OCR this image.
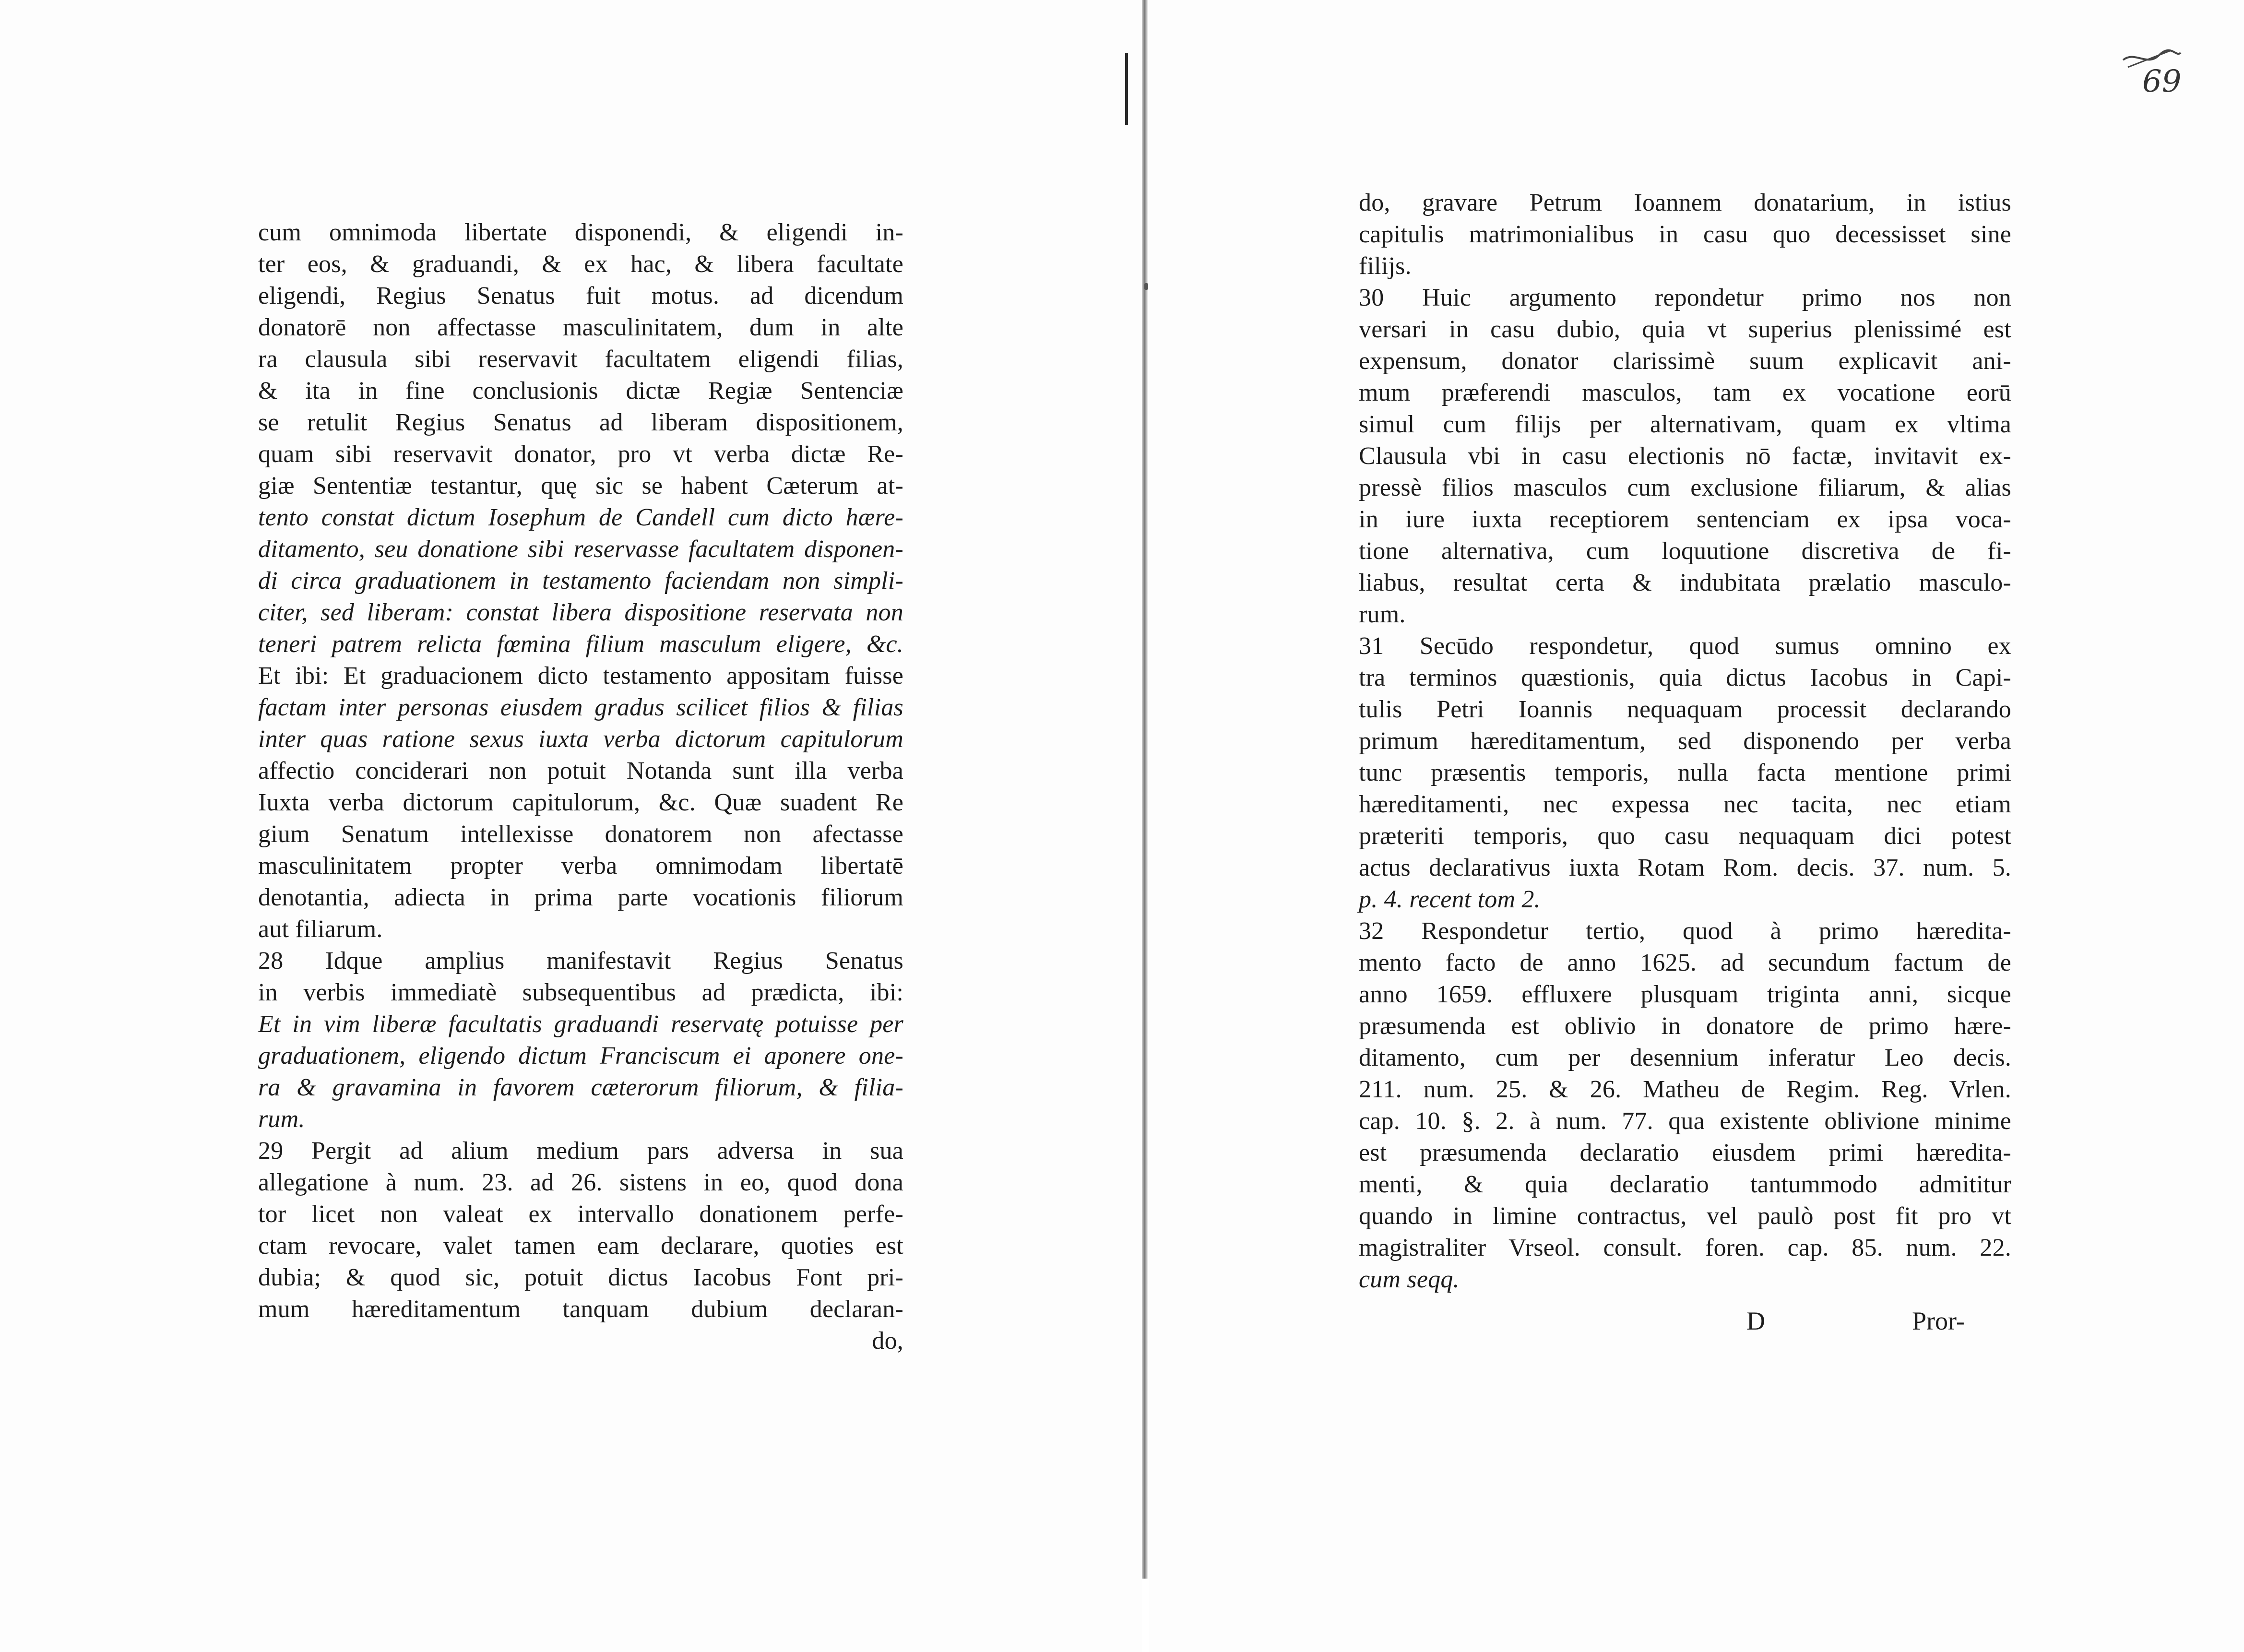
cum omnimoda libertate disponendi, & eligendi in-
ter eos, & graduandi, & ex hac, & libera facultate
eligendi, Regius Senatus fuit motus. ad dicendum
donatorē non affectasse masculinitatem, dum in alte
ra clausula sibi reservavit facultatem eligendi filias,
& ita in fine conclusionis dictæ Regiæ Sentenciæ
se retulit Regius Senatus ad liberam dispositionem,
quam sibi reservavit donator, pro vt verba dictæ Re-
giæ Sententiæ testantur, quę sic se habent Cæterum at-
tento constat dictum Iosephum de Candell cum dicto hære-
ditamento, seu donatione sibi reservasse facultatem disponen-
di circa graduationem in testamento faciendam non simpli-
citer, sed liberam: constat libera dispositione reservata non
teneri patrem relicta fœmina filium masculum eligere, &c.
Et ibi: Et graduacionem dicto testamento appositam fuisse
factam inter personas eiusdem gradus scilicet filios & filias
inter quas ratione sexus iuxta verba dictorum capitulorum
affectio conciderari non potuit Notanda sunt illa verba
Iuxta verba dictorum capitulorum, &c. Quæ suadent Re
gium Senatum intellexisse donatorem non afectasse
masculinitatem propter verba omnimodam libertatē
denotantia, adiecta in prima parte vocationis filiorum
aut filiarum.
28 Idque amplius manifestavit Regius Senatus
in verbis immediatè subsequentibus ad prædicta, ibi:
Et in vim liberæ facultatis graduandi reservatę potuisse per
graduationem, eligendo dictum Franciscum ei aponere one-
ra & gravamina in favorem cæterorum filiorum, & filia-
rum.
29 Pergit ad alium medium pars adversa in sua
allegatione à num. 23. ad 26. sistens in eo, quod dona
tor licet non valeat ex intervallo donationem perfe-
ctam revocare, valet tamen eam declarare, quoties est
dubia; & quod sic, potuit dictus Iacobus Font pri-
mum hæreditamentum tanquam dubium declaran-
do,
do, gravare Petrum Ioannem donatarium, in istius
capitulis matrimonialibus in casu quo decessisset sine
filijs.
30 Huic argumento repondetur primo nos non
versari in casu dubio, quia vt superius plenissimé est
expensum, donator clarissimè suum explicavit ani-
mum præferendi masculos, tam ex vocatione eorū
simul cum filijs per alternativam, quam ex vltima
Clausula vbi in casu electionis nō factæ, invitavit ex-
pressè filios masculos cum exclusione filiarum, & alias
in iure iuxta receptiorem sentenciam ex ipsa voca-
tione alternativa, cum loquutione discretiva de fi-
liabus, resultat certa & indubitata prælatio masculo-
rum.
31 Secūdo respondetur, quod sumus omnino ex
tra terminos quæstionis, quia dictus Iacobus in Capi-
tulis Petri Ioannis nequaquam processit declarando
primum hæreditamentum, sed disponendo per verba
tunc præsentis temporis, nulla facta mentione primi
hæreditamenti, nec expessa nec tacita, nec etiam
præteriti temporis, quo casu nequaquam dici potest
actus declarativus iuxta Rotam Rom. decis. 37. num. 5.
p. 4. recent tom 2.
32 Respondetur tertio, quod à primo hæredita-
mento facto de anno 1625. ad secundum factum de
anno 1659. effluxere plusquam triginta anni, sicque
præsumenda est oblivio in donatore de primo hære-
ditamento, cum per desennium inferatur Leo decis.
211. num. 25. & 26. Matheu de Regim. Reg. Vrlen.
cap. 10. §. 2. à num. 77. qua existente oblivione minime
est præsumenda declaratio eiusdem primi hæredita-
menti, & quia declaratio tantummodo admititur
quando in limine contractus, vel paulò post fit pro vt
magistraliter Vrseol. consult. foren. cap. 85. num. 22.
cum seqq.
D	Pror-
69
